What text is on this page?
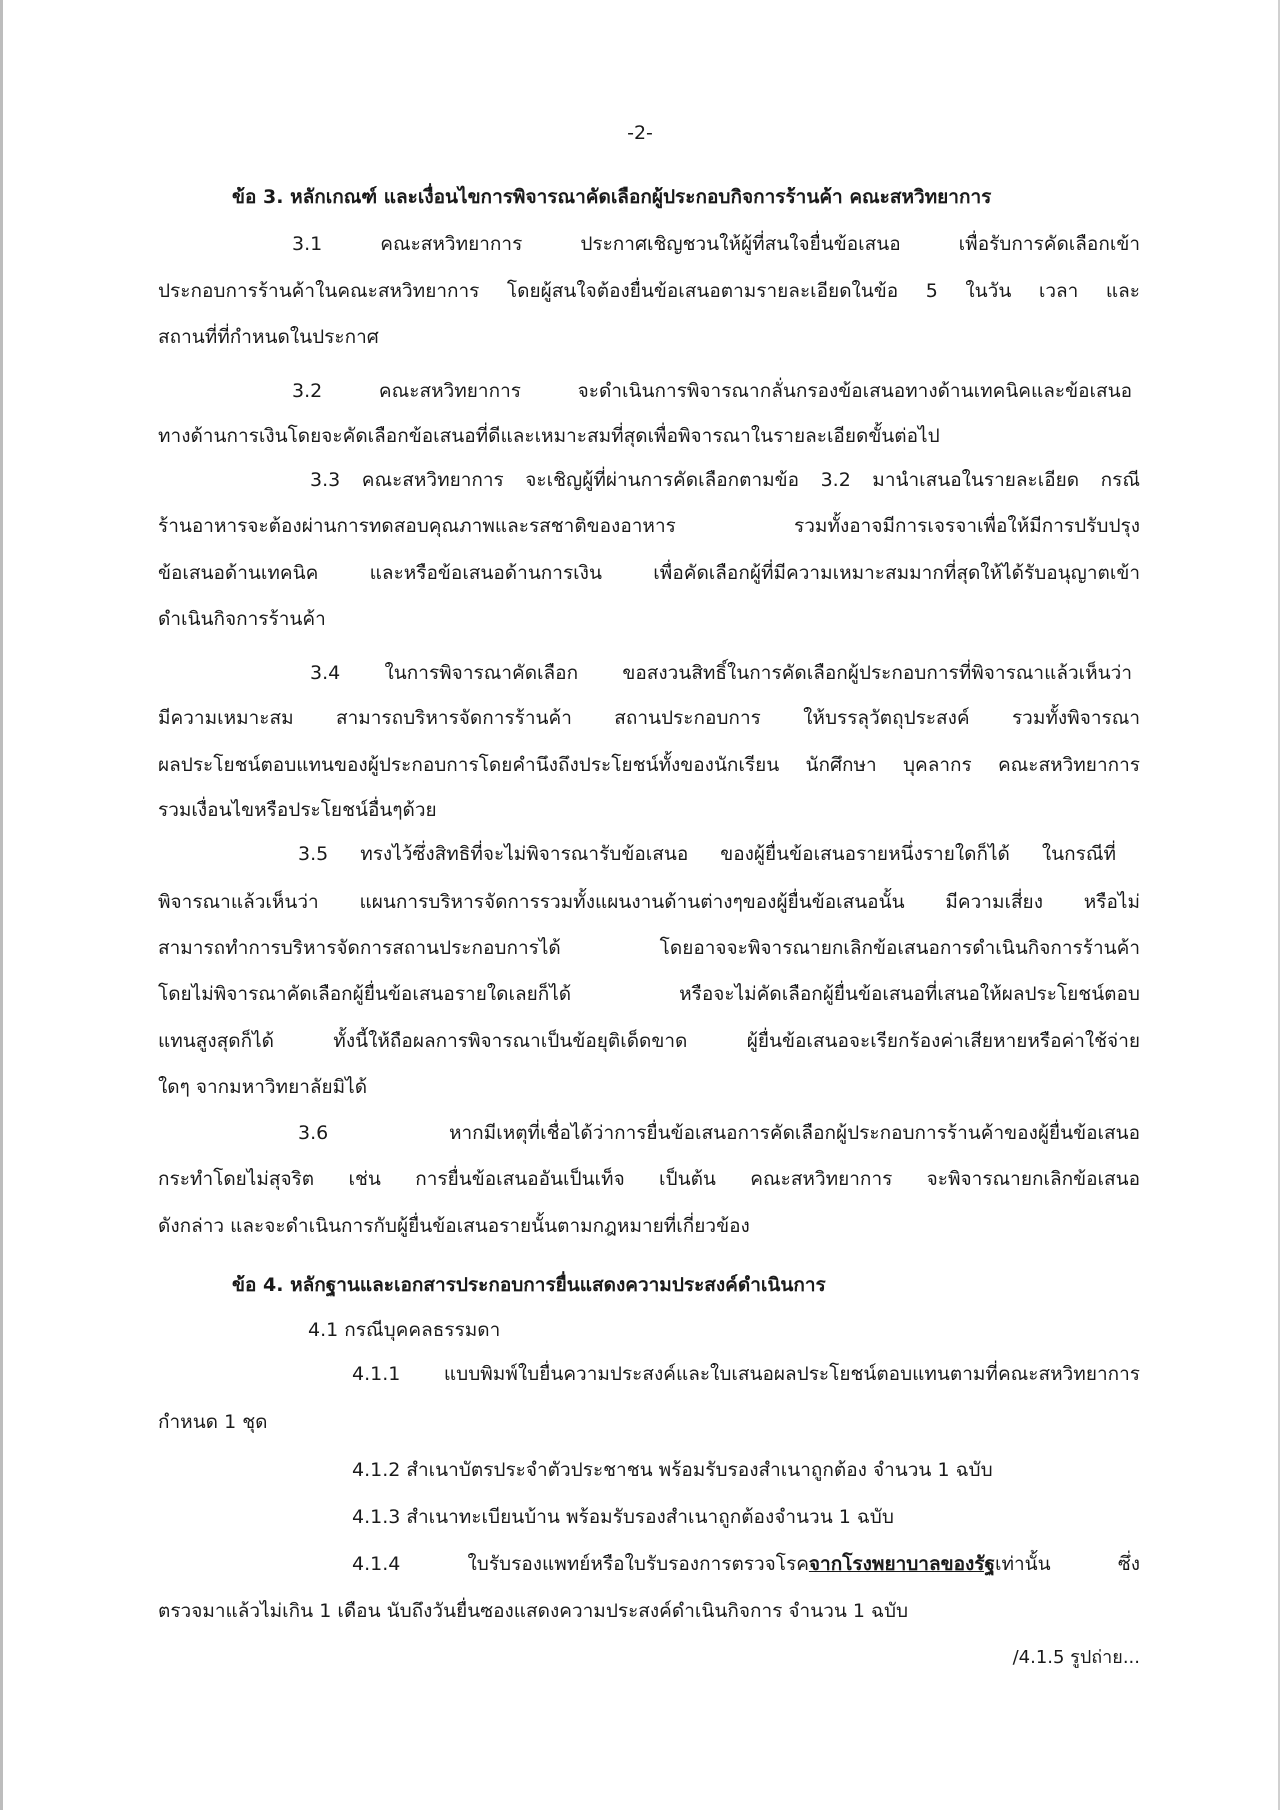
-2-
ข้อ 3. หลักเกณฑ์ และเงื่อนไขการพิจารณาคัดเลือกผู้ประกอบกิจการร้านค้า คณะสหวิทยาการ
3.1 คณะสหวิทยาการ ประกาศเชิญชวนให้ผู้ที่สนใจยื่นข้อเสนอ เพื่อรับการคัดเลือกเข้า
ประกอบการร้านค้าในคณะสหวิทยาการ โดยผู้สนใจต้องยื่นข้อเสนอตามรายละเอียดในข้อ 5 ในวัน เวลา และ
สถานที่ที่กำหนดในประกาศ
3.2 คณะสหวิทยาการ จะดำเนินการพิจารณากลั่นกรองข้อเสนอทางด้านเทคนิคและข้อเสนอ
ทางด้านการเงินโดยจะคัดเลือกข้อเสนอที่ดีและเหมาะสมที่สุดเพื่อพิจารณาในรายละเอียดขั้นต่อไป
3.3 คณะสหวิทยาการ จะเชิญผู้ที่ผ่านการคัดเลือกตามข้อ 3.2 มานำเสนอในรายละเอียด กรณี
ร้านอาหารจะต้องผ่านการทดสอบคุณภาพและรสชาติของอาหาร รวมทั้งอาจมีการเจรจาเพื่อให้มีการปรับปรุง
ข้อเสนอด้านเทคนิค และหรือข้อเสนอด้านการเงิน เพื่อคัดเลือกผู้ที่มีความเหมาะสมมากที่สุดให้ได้รับอนุญาตเข้า
ดำเนินกิจการร้านค้า
3.4 ในการพิจารณาคัดเลือก ขอสงวนสิทธิ์ในการคัดเลือกผู้ประกอบการที่พิจารณาแล้วเห็นว่า
มีความเหมาะสม สามารถบริหารจัดการร้านค้า สถานประกอบการ ให้บรรลุวัตถุประสงค์ รวมทั้งพิจารณา
ผลประโยชน์ตอบแทนของผู้ประกอบการโดยคำนึงถึงประโยชน์ทั้งของนักเรียน นักศึกษา บุคลากร คณะสหวิทยาการ
รวมเงื่อนไขหรือประโยชน์อื่นๆด้วย
3.5 ทรงไว้ซึ่งสิทธิที่จะไม่พิจารณารับข้อเสนอ ของผู้ยื่นข้อเสนอรายหนึ่งรายใดก็ได้ ในกรณีที่
พิจารณาแล้วเห็นว่า แผนการบริหารจัดการรวมทั้งแผนงานด้านต่างๆของผู้ยื่นข้อเสนอนั้น มีความเสี่ยง หรือไม่
สามารถทำการบริหารจัดการสถานประกอบการได้ โดยอาจจะพิจารณายกเลิกข้อเสนอการดำเนินกิจการร้านค้า
โดยไม่พิจารณาคัดเลือกผู้ยื่นข้อเสนอรายใดเลยก็ได้ หรือจะไม่คัดเลือกผู้ยื่นข้อเสนอที่เสนอให้ผลประโยชน์ตอบ
แทนสูงสุดก็ได้ ทั้งนี้ให้ถือผลการพิจารณาเป็นข้อยุติเด็ดขาด ผู้ยื่นข้อเสนอจะเรียกร้องค่าเสียหายหรือค่าใช้จ่าย
ใดๆ จากมหาวิทยาลัยมิได้
3.6 หากมีเหตุที่เชื่อได้ว่าการยื่นข้อเสนอการคัดเลือกผู้ประกอบการร้านค้าของผู้ยื่นข้อเสนอ
กระทำโดยไม่สุจริต เช่น การยื่นข้อเสนออันเป็นเท็จ เป็นต้น คณะสหวิทยาการ จะพิจารณายกเลิกข้อเสนอ
ดังกล่าว และจะดำเนินการกับผู้ยื่นข้อเสนอรายนั้นตามกฎหมายที่เกี่ยวข้อง
ข้อ 4. หลักฐานและเอกสารประกอบการยื่นแสดงความประสงค์ดำเนินการ
4.1 กรณีบุคคลธรรมดา
4.1.1 แบบพิมพ์ใบยื่นความประสงค์และใบเสนอผลประโยชน์ตอบแทนตามที่คณะสหวิทยาการ
กำหนด 1 ชุด
4.1.2 สำเนาบัตรประจำตัวประชาชน พร้อมรับรองสำเนาถูกต้อง จำนวน 1 ฉบับ
4.1.3 สำเนาทะเบียนบ้าน พร้อมรับรองสำเนาถูกต้องจำนวน 1 ฉบับ
4.1.4 ใบรับรองแพทย์หรือใบรับรองการตรวจโรคจากโรงพยาบาลของรัฐเท่านั้น ซึ่ง
ตรวจมาแล้วไม่เกิน 1 เดือน นับถึงวันยื่นซองแสดงความประสงค์ดำเนินกิจการ จำนวน 1 ฉบับ
/4.1.5 รูปถ่าย...
